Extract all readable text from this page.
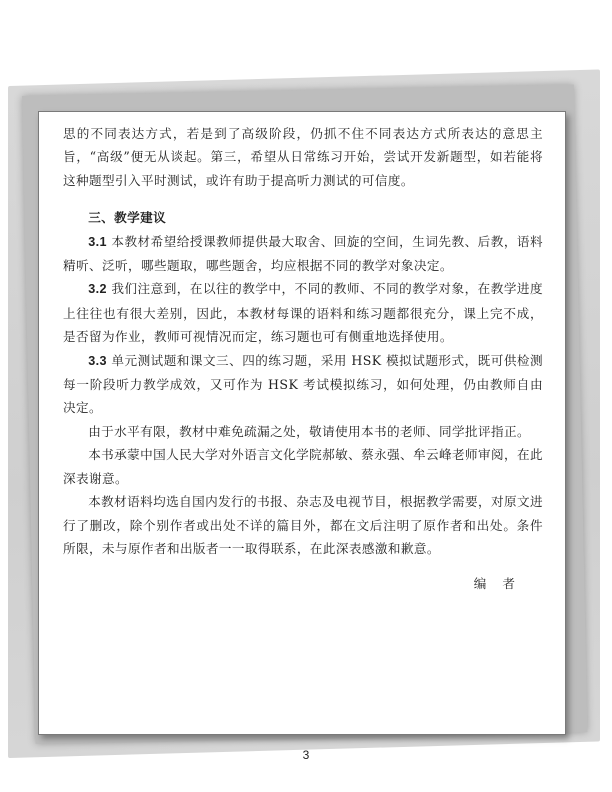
思的不同表达方式，若是到了高级阶段，仍抓不住不同表达方式所表达的意思主旨，“高级”便无从谈起。第三，希望从日常练习开始，尝试开发新题型，如若能将这种题型引入平时测试，或许有助于提高听力测试的可信度。

三、教学建议

3.1 本教材希望给授课教师提供最大取舍、回旋的空间，生词先教、后教，语料精听、泛听，哪些题取，哪些题舍，均应根据不同的教学对象决定。

3.2 我们注意到，在以往的教学中，不同的教师、不同的教学对象，在教学进度上往往也有很大差别，因此，本教材每课的语料和练习题都很充分，课上完不成，是否留为作业，教师可视情况而定，练习题也可有侧重地选择使用。

3.3 单元测试题和课文三、四的练习题，采用 HSK 模拟试题形式，既可供检测每一阶段听力教学成效，又可作为 HSK 考试模拟练习，如何处理，仍由教师自由决定。

由于水平有限，教材中难免疏漏之处，敬请使用本书的老师、同学批评指正。

本书承蒙中国人民大学对外语言文化学院郝敏、蔡永强、牟云峰老师审阅，在此深表谢意。

本教材语料均选自国内发行的书报、杂志及电视节目，根据教学需要，对原文进行了删改，除个别作者或出处不详的篇目外，都在文后注明了原作者和出处。条件所限，未与原作者和出版者一一取得联系，在此深表感激和歉意。

编 者
3
